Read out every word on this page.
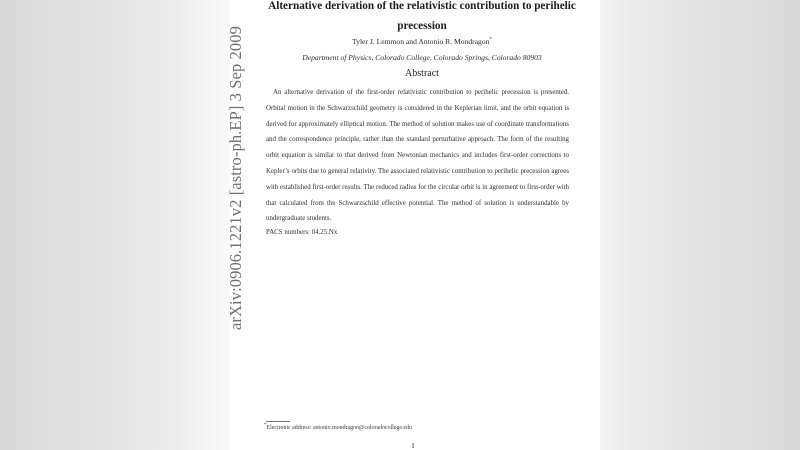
arXiv:0906.1221v2 [astro-ph.EP] 3 Sep 2009
Alternative derivation of the relativistic contribution to perihelic precession
Tyler J. Lemmon and Antonio R. Mondragon*
Department of Physics, Colorado College, Colorado Springs, Colorado 80903
Abstract

An alternative derivation of the first-order relativistic contribution to perihelic precession is presented. Orbital motion in the Schwarzschild geometry is considered in the Keplerian limit, and the orbit equation is derived for approximately elliptical motion. The method of solution makes use of coordinate transformations and the correspondence principle, rather than the standard perturbative approach. The form of the resulting orbit equation is similar to that derived from Newtonian mechanics and includes first-order corrections to Kepler’s orbits due to general relativity. The associated relativistic contribution to perihelic precession agrees with established first-order results. The reduced radius for the circular orbit is in agreement to first-order with that calculated from the Schwarzschild effective potential. The method of solution is understandable by undergraduate students.

PACS numbers: 04.25.Nx
*Electronic address: antonio.mondragon@coloradocollege.edu
1
